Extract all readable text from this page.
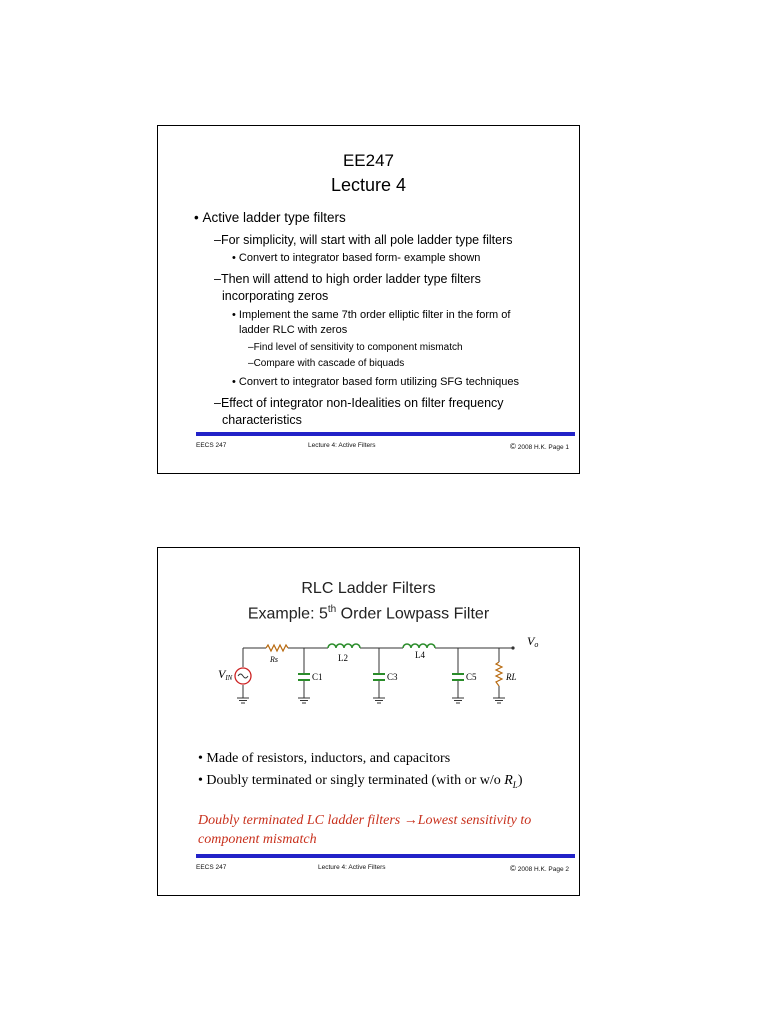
EE247
Lecture 4
• Active ladder type filters
–For simplicity, will start with all pole ladder type filters
• Convert to integrator based form- example shown
–Then will attend to high order ladder type filters
incorporating zeros
• Implement the same 7th order elliptic filter in the form of
ladder RLC with zeros
–Find level of sensitivity to component mismatch
–Compare with cascade of biquads
• Convert to integrator based form utilizing SFG techniques
–Effect of integrator non-Idealities on filter frequency
characteristics
EECS 247	Lecture 4: Active Filters	© 2008 H.K. Page 1
RLC Ladder Filters
Example: 5th Order Lowpass Filter
VIN
Rs	L2	L4
C1	C3	C5	RL
Vo
• Made of resistors, inductors, and capacitors
• Doubly terminated or singly terminated (with or w/o $R_L$)
Doubly terminated LC ladder filters →Lowest sensitivity to
component mismatch
EECS 247	Lecture 4: Active Filters	© 2008 H.K. Page 2
